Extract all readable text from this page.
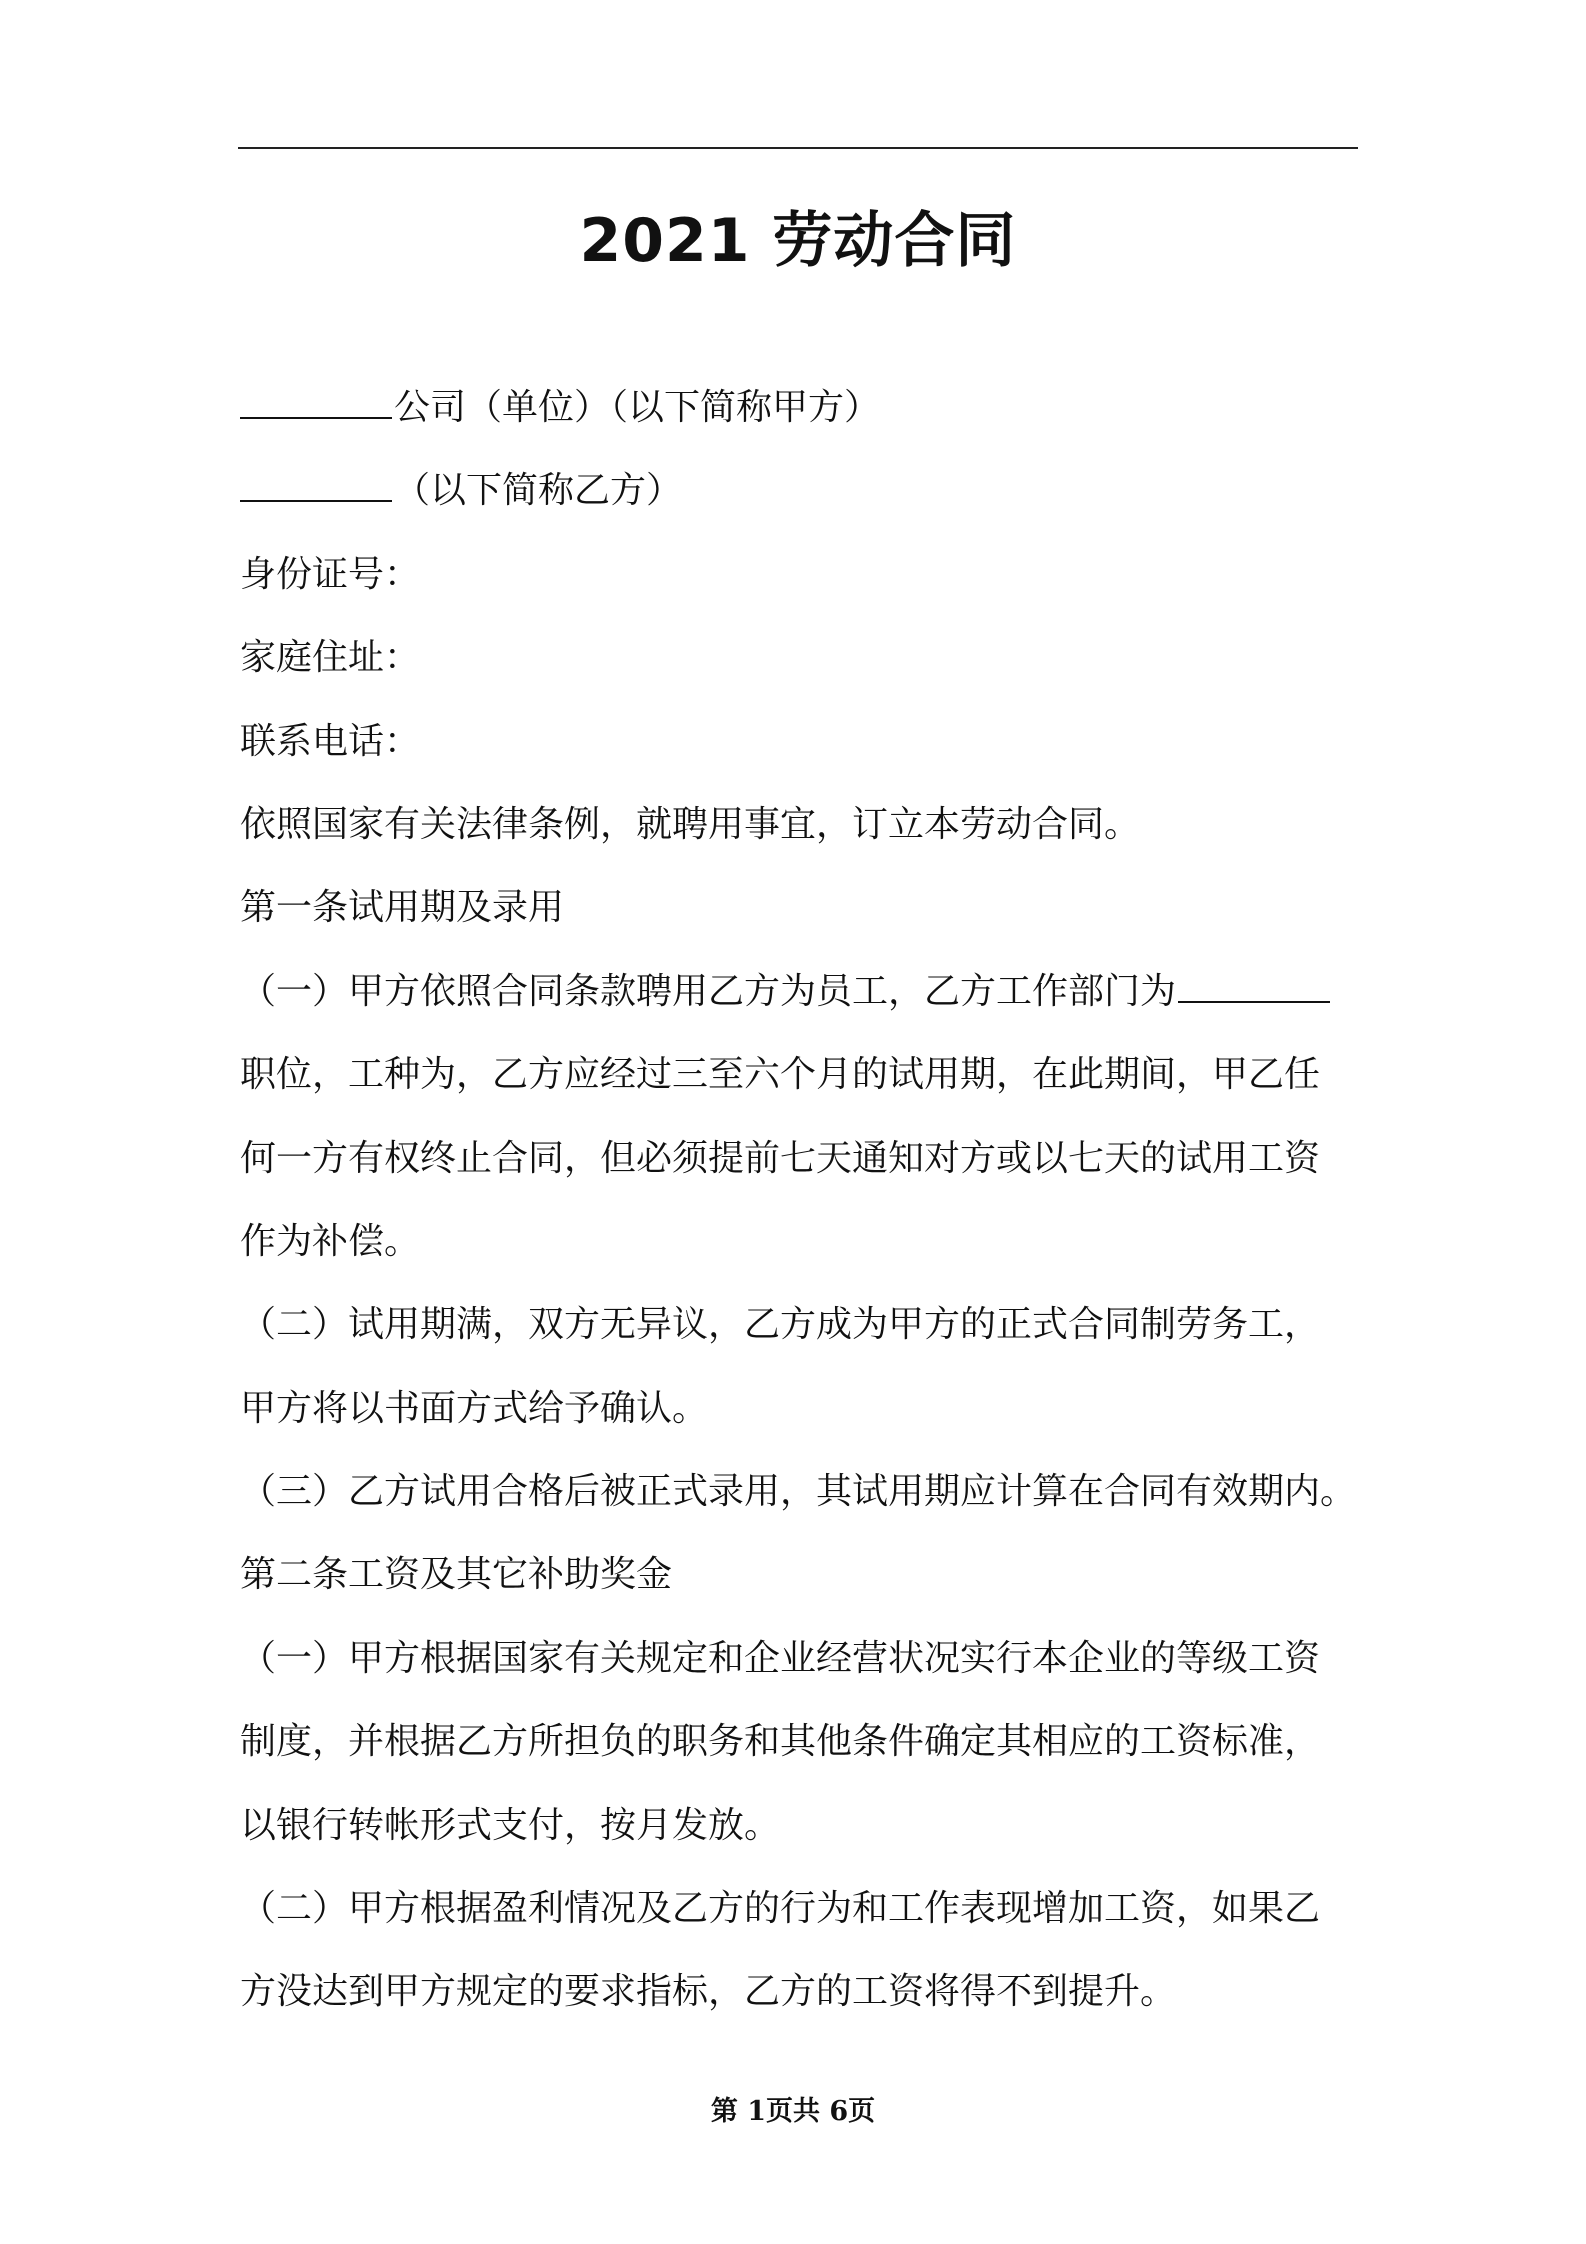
2021 劳动合同
公司（单位）（以下简称甲方）
（以下简称乙方）
身份证号：
家庭住址：
联系电话：
依照国家有关法律条例，就聘用事宜，订立本劳动合同。
第一条试用期及录用
（一）甲方依照合同条款聘用乙方为员工，乙方工作部门为
职位，工种为，乙方应经过三至六个月的试用期，在此期间，甲乙任
何一方有权终止合同，但必须提前七天通知对方或以七天的试用工资
作为补偿。
（二）试用期满，双方无异议，乙方成为甲方的正式合同制劳务工，
甲方将以书面方式给予确认。
（三）乙方试用合格后被正式录用，其试用期应计算在合同有效期内。
第二条工资及其它补助奖金
（一）甲方根据国家有关规定和企业经营状况实行本企业的等级工资
制度，并根据乙方所担负的职务和其他条件确定其相应的工资标准，
以银行转帐形式支付，按月发放。
（二）甲方根据盈利情况及乙方的行为和工作表现增加工资，如果乙
方没达到甲方规定的要求指标，乙方的工资将得不到提升。
第 1页共 6页
